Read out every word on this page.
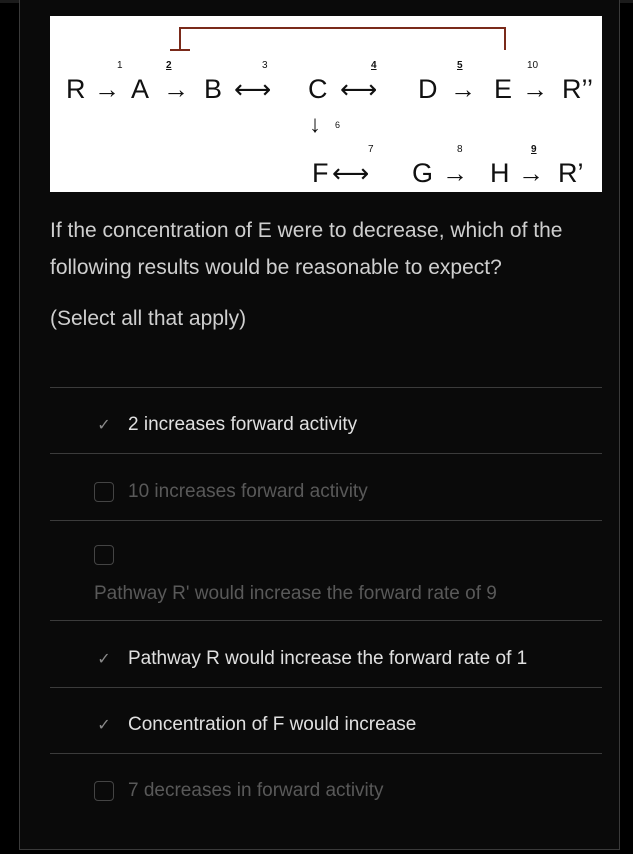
R A B	C	D E R’’
→ → ⟷	⟷	→ →
1	2	3	4	5	10
↓ 6
F	G H R’
⟷	→ →
7	8	9
If the concentration of E were to decrease, which of the following results would be reasonable to expect?
(Select all that apply)
✓ 2 increases forward activity
10 increases forward activity
Pathway R' would increase the forward rate of 9
✓ Pathway R would increase the forward rate of 1
✓ Concentration of F would increase
7 decreases in forward activity
